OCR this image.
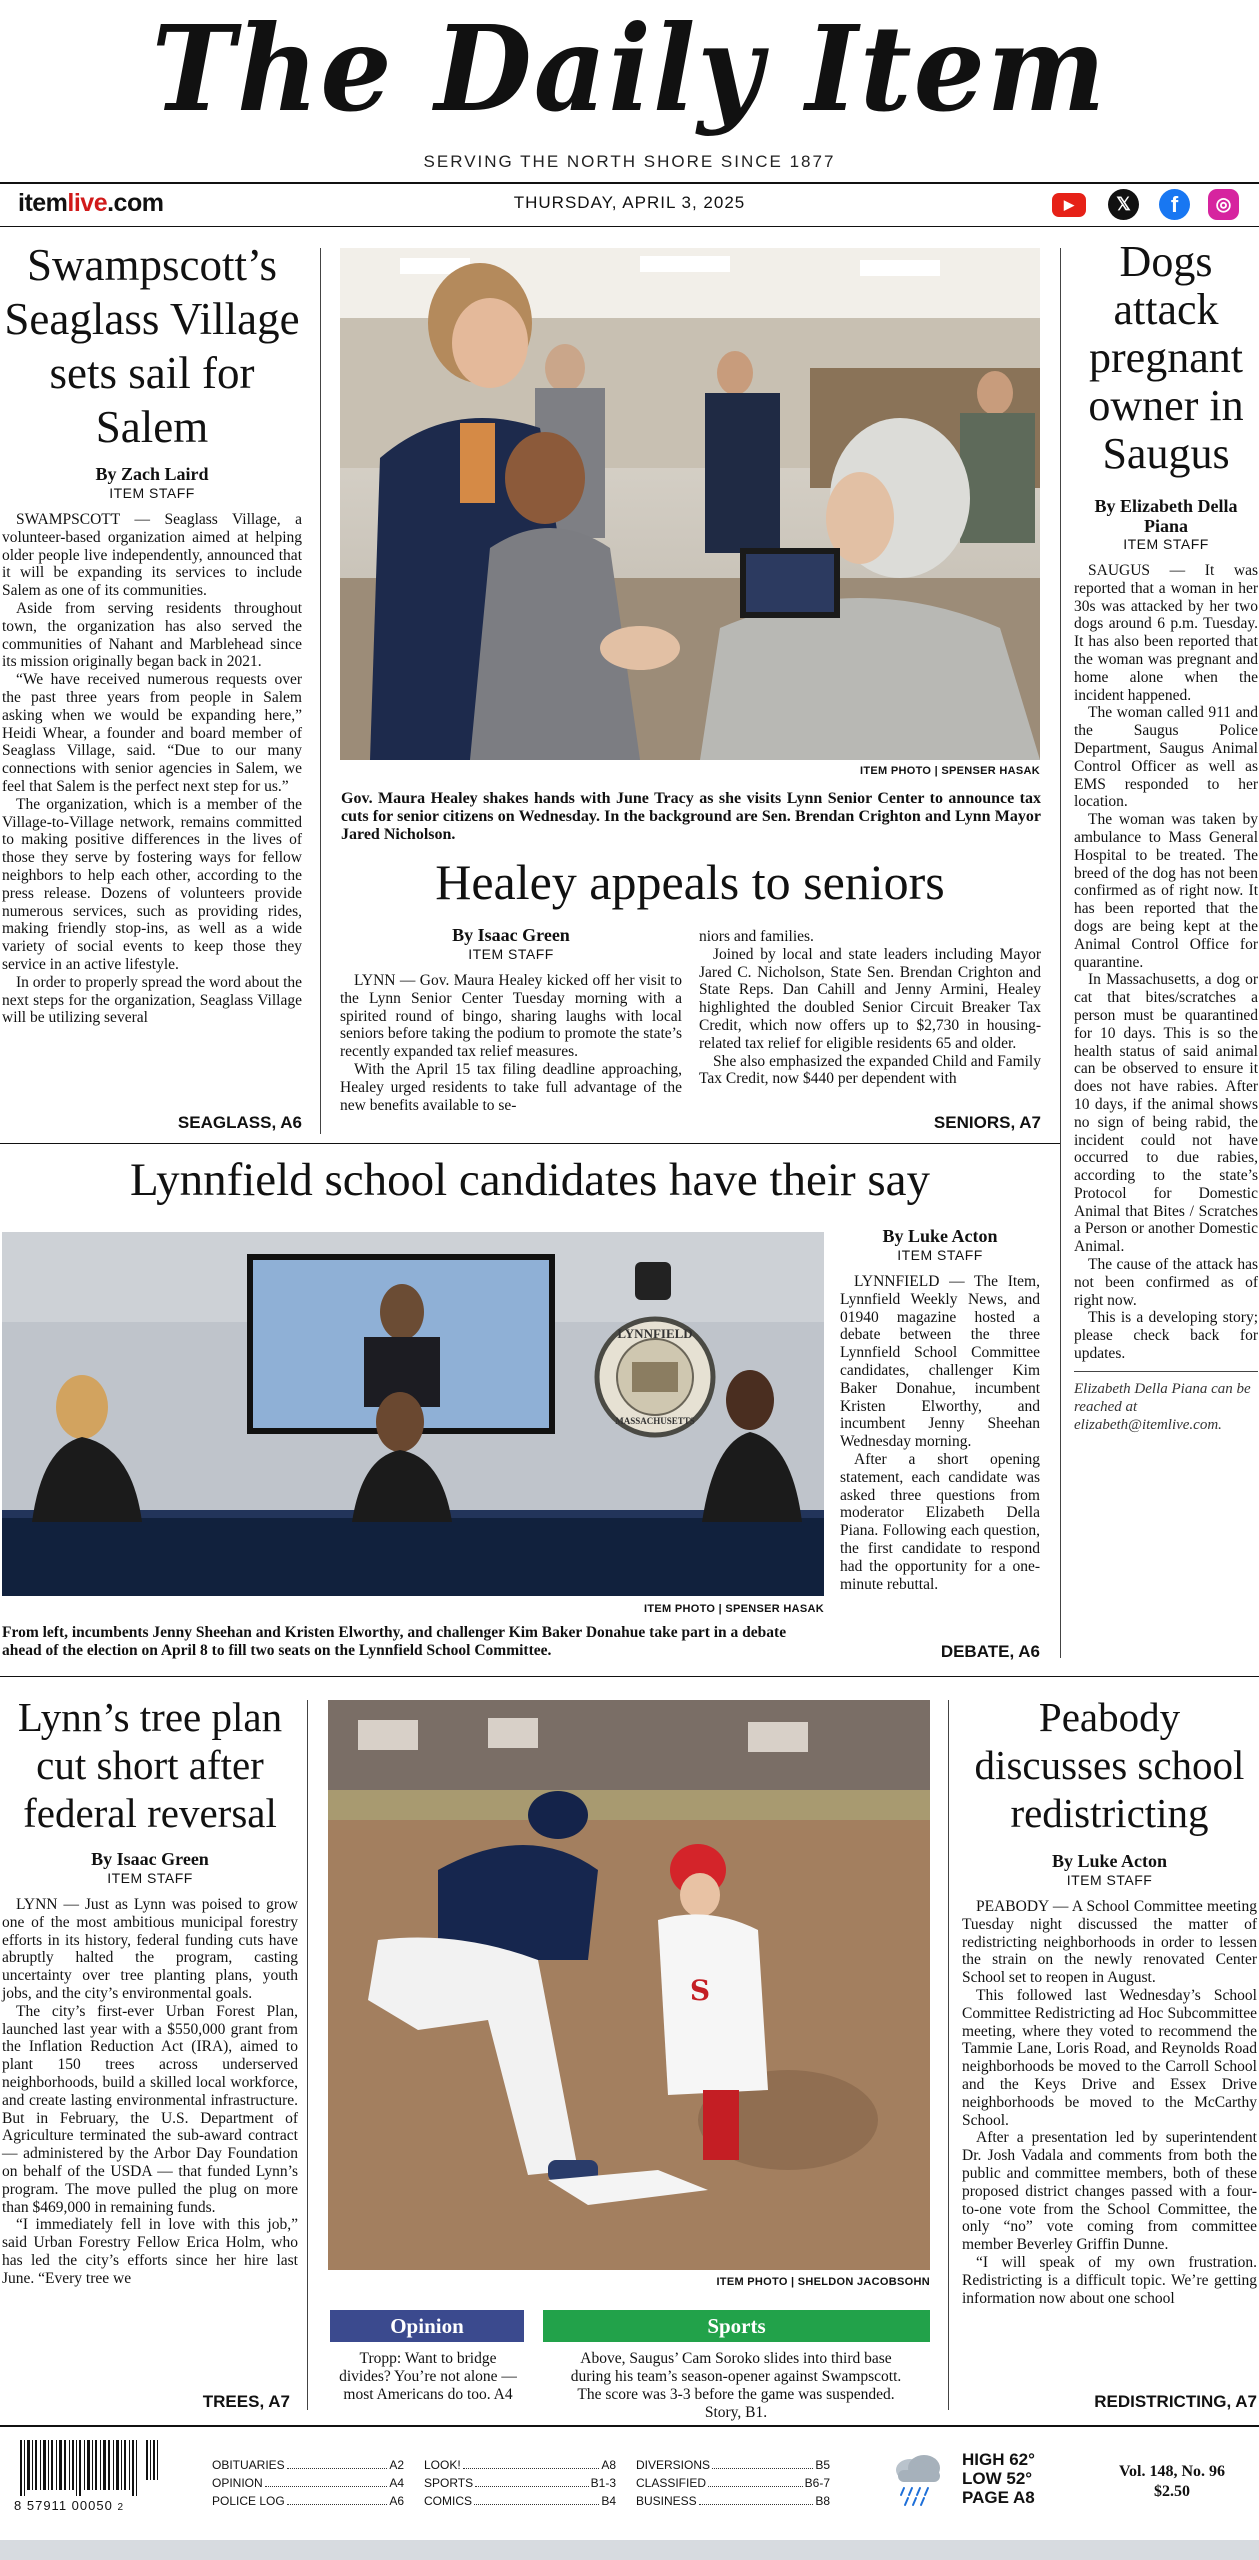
The Daily Item
SERVING THE NORTH SHORE SINCE 1877
itemlive.com	THURSDAY, APRIL 3, 2025	▶	𝕏	f	◎
Swampscott’s Seaglass Village sets sail for Salem
By Zach Laird
ITEM STAFF

SWAMPSCOTT — Seaglass Village, a volunteer-based organization aimed at helping older people live independently, announced that it will be expanding its services to include Salem as one of its communities.

Aside from serving residents throughout town, the organization has also served the communities of Nahant and Marblehead since its mission originally began back in 2021.

“We have received numerous requests over the past three years from people in Salem asking when we would be expanding here,” Heidi Whear, a founder and board member of Seaglass Village, said. “Due to our many connections with senior agencies in Salem, we feel that Salem is the perfect next step for us.”

The organization, which is a member of the Village-to-Village network, remains committed to making positive differences in the lives of those they serve by fostering ways for fellow neighbors to help each other, according to the press release. Dozens of volunteers provide numerous services, such as providing rides, making friendly stop-ins, as well as a wide variety of social events to keep those they service in an active lifestyle.

In order to properly spread the word about the next steps for the organization, Seaglass Village will be utilizing several

SEAGLASS, A6
ITEM PHOTO | SPENSER HASAK
Gov. Maura Healey shakes hands with June Tracy as she visits Lynn Senior Center to announce tax cuts for senior citizens on Wednesday. In the background are Sen. Brendan Crighton and Lynn Mayor Jared Nicholson.
Healey appeals to seniors
By Isaac Green
ITEM STAFF

LYNN — Gov. Maura Healey kicked off her visit to the Lynn Senior Center Tuesday morning with a spirited round of bingo, sharing laughs with local seniors before taking the podium to promote the state’s recently expanded tax relief measures.

With the April 15 tax filing deadline approaching, Healey urged residents to take full advantage of the new benefits available to se-

niors and families.

Joined by local and state leaders including Mayor Jared C. Nicholson, State Sen. Brendan Crighton and State Reps. Dan Cahill and Jenny Armini, Healey highlighted the doubled Senior Circuit Breaker Tax Credit, which now offers up to $2,730 in housing-related tax relief for eligible residents 65 and older.

She also emphasized the expanded Child and Family Tax Credit, now $440 per dependent with

SENIORS, A7
Dogs attack pregnant owner in Saugus
By Elizabeth Della Piana
ITEM STAFF

SAUGUS — It was reported that a woman in her 30s was attacked by her two dogs around 6 p.m. Tuesday. It has also been reported that the woman was pregnant and home alone when the incident happened.

The woman called 911 and the Saugus Police Department, Saugus Animal Control Officer as well as EMS responded to her location.

The woman was taken by ambulance to Mass General Hospital to be treated. The breed of the dog has not been confirmed as of right now. It has been reported that the dogs are being kept at the Animal Control Office for quarantine.

In Massachusetts, a dog or cat that bites/scratches a person must be quarantined for 10 days. This is so the health status of said animal can be observed to ensure it does not have rabies. After 10 days, if the animal shows no sign of being rabid, the incident could not have occurred to due rabies, according to the state’s Protocol for Domestic Animal that Bites / Scratches a Person or another Domestic Animal.

The cause of the attack has not been confirmed as of right now.

This is a developing story; please check back for updates.

Elizabeth Della Piana can be reached at elizabeth@itemlive.com.
Lynnfield school candidates have their say
LYNNFIELD
MASSACHUSETTS
ITEM PHOTO | SPENSER HASAK
From left, incumbents Jenny Sheehan and Kristen Elworthy, and challenger Kim Baker Donahue take part in a debate ahead of the election on April 8 to fill two seats on the Lynnfield School Committee.
By Luke Acton
ITEM STAFF

LYNNFIELD — The Item, Lynnfield Weekly News, and 01940 magazine hosted a debate between the three Lynnfield School Committee candidates, challenger Kim Baker Donahue, incumbent Kristen Elworthy, and incumbent Jenny Sheehan Wednesday morning.

After a short opening statement, each candidate was asked three questions from moderator Elizabeth Della Piana. Following each question, the first candidate to respond had the opportunity for a one-minute rebuttal.

DEBATE, A6
Lynn’s tree plan cut short after federal reversal
By Isaac Green
ITEM STAFF

LYNN — Just as Lynn was poised to grow one of the most ambitious municipal forestry efforts in its history, federal funding cuts have abruptly halted the program, casting uncertainty over tree planting plans, youth jobs, and the city’s environmental goals.

The city’s first-ever Urban Forest Plan, launched last year with a $550,000 grant from the Inflation Reduction Act (IRA), aimed to plant 150 trees across underserved neighborhoods, build a skilled local workforce, and create lasting environmental infrastructure. But in February, the U.S. Department of Agriculture terminated the sub-award contract — administered by the Arbor Day Foundation on behalf of the USDA — that funded Lynn’s program. The move pulled the plug on more than $469,000 in remaining funds.

“I immediately fell in love with this job,” said Urban Forestry Fellow Erica Holm, who has led the city’s efforts since her hire last June. “Every tree we

TREES, A7
S
ITEM PHOTO | SHELDON JACOBSOHN
Opinion
Tropp: Want to bridge divides? You’re not alone — most Americans do too. A4
Sports
Above, Saugus’ Cam Soroko slides into third base during his team’s season-opener against Swampscott. The score was 3-3 before the game was suspended. Story, B1.
Peabody discusses school redistricting
By Luke Acton
ITEM STAFF

PEABODY — A School Committee meeting Tuesday night discussed the matter of redistricting neighborhoods in order to lessen the strain on the newly renovated Center School set to reopen in August.

This followed last Wednesday’s School Committee Redistricting ad Hoc Subcommittee meeting, where they voted to recommend the Tammie Lane, Loris Road, and Reynolds Road neighborhoods be moved to the Carroll School and the Keys Drive and Essex Drive neighborhoods be moved to the McCarthy School.

After a presentation led by superintendent Dr. Josh Vadala and comments from both the public and committee members, both of these proposed district changes passed with a four-to-one vote from the School Committee, the only “no” vote coming from committee member Beverley Griffin Dunne.

“I will speak of my own frustration. Redistricting is a difficult topic. We’re getting information now about one school

REDISTRICTING, A7
8 57911 00050 2
OBITUARIES	A2
OPINION	A4
POLICE LOG	A6
LOOK!	A8
SPORTS	B1-3
COMICS	B4
DIVERSIONS	B5
CLASSIFIED	B6-7
BUSINESS	B8
HIGH 62°
LOW 52°
PAGE A8
Vol. 148, No. 96
$2.50
